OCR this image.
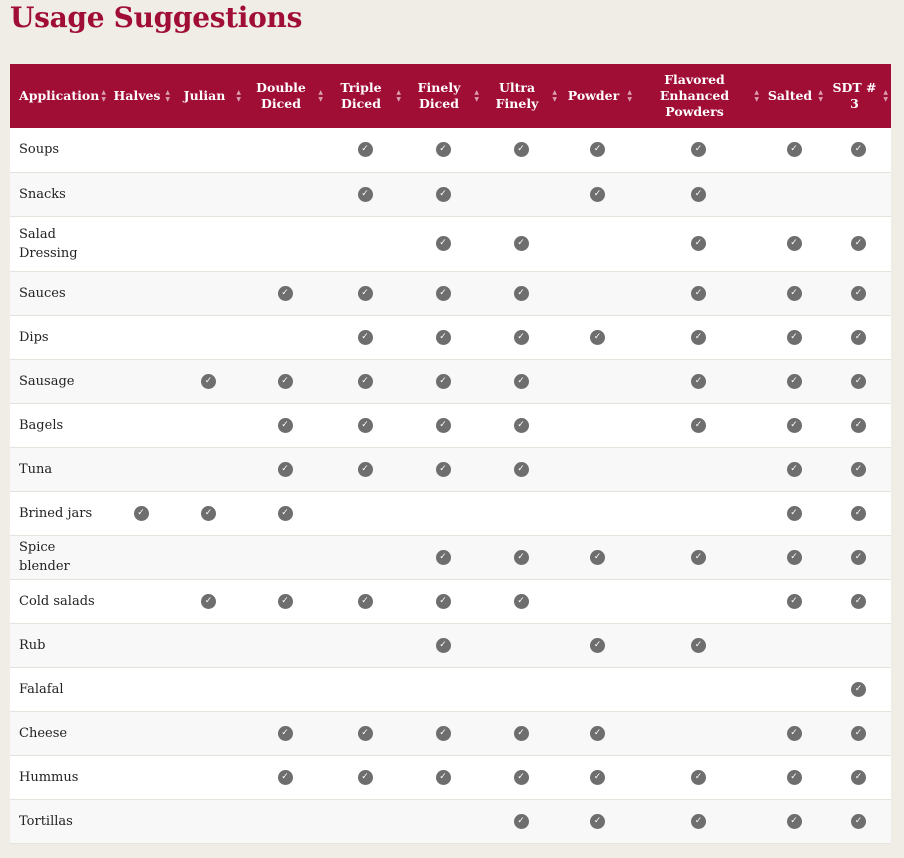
Usage Suggestions
Application ▲
▼	Halves ▲
▼	Julian ▲
▼	Double Diced
▲
▼	Triple Diced
▲
▼	Finely Diced
▲
▼	Ultra Finely
▲
▼	Powder ▲
▼	Flavored Enhanced Powders
▲
▼	Salted ▲
▼	SDT # 3
▲
▼

Soups				✓	✓	✓	✓	✓	✓	✓
Snacks				✓	✓		✓	✓		
Salad Dressing					✓	✓		✓	✓	✓
Sauces			✓	✓	✓	✓		✓	✓	✓
Dips				✓	✓	✓	✓	✓	✓	✓
Sausage		✓	✓	✓	✓	✓		✓	✓	✓
Bagels			✓	✓	✓	✓		✓	✓	✓
Tuna			✓	✓	✓	✓			✓	✓
Brined jars	✓	✓	✓						✓	✓
Spice blender					✓	✓	✓	✓	✓	✓
Cold salads		✓	✓	✓	✓	✓			✓	✓
Rub					✓		✓	✓		
Falafal										✓
Cheese			✓	✓	✓	✓	✓		✓	✓
Hummus			✓	✓	✓	✓	✓	✓	✓	✓
Tortillas						✓	✓	✓	✓	✓
